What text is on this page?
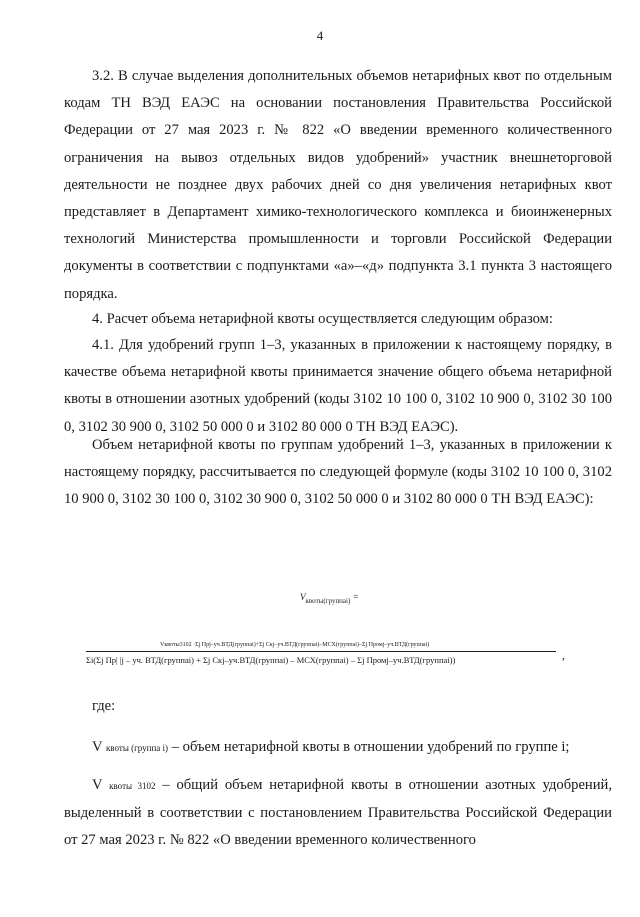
4

3.2. В случае выделения дополнительных объемов нетарифных квот по отдельным кодам ТН ВЭД ЕАЭС на основании постановления Правительства Российской Федерации от 27 мая 2023 г. № 822 «О введении временного количественного ограничения на вывоз отдельных видов удобрений» участник внешнеторговой деятельности не позднее двух рабочих дней со дня увеличения нетарифных квот представляет в Департамент химико-технологического комплекса и биоинженерных технологий Министерства промышленности и торговли Российской Федерации документы в соответствии с подпунктами «а»–«д» подпункта 3.1 пункта 3 настоящего порядка.

4. Расчет объема нетарифной квоты осуществляется следующим образом:

4.1. Для удобрений групп 1–3, указанных в приложении к настоящему порядку, в качестве объема нетарифной квоты принимается значение общего объема нетарифной квоты в отношении азотных удобрений (коды 3102 10 100 0, 3102 10 900 0, 3102 30 100 0, 3102 30 900 0, 3102 50 000 0 и 3102 80 000 0 ТН ВЭД ЕАЭС).

Объем нетарифной квоты по группам удобрений 1–3, указанных в приложении к настоящему порядку, рассчитывается по следующей формуле (коды 3102 10 100 0, 3102 10 900 0, 3102 30 100 0, 3102 30 900 0, 3102 50 000 0 и 3102 80 000 0 ТН ВЭД ЕАЭС):

$V_{квоты(группаi)}$ =
Vквоты3102 ·Σj Прj–уч.ВТД(группаi)+Σj Скj–уч.ВТД(группаi)–МСХ(группаi)–Σj Промj–уч.ВТД(группаi)
Σi(Σj Пр| |j – уч. ВТД(группаi) + Σj Скj–уч.ВТД(группаi) – МСХ(группаi) – Σj Промj–уч.ВТД(группаi))	,
где:

V квоты (группа i) – объем нетарифной квоты в отношении удобрений по группе i;

V квоты 3102 – общий объем нетарифной квоты в отношении азотных удобрений, выделенный в соответствии с постановлением Правительства Российской Федерации от 27 мая 2023 г. № 822 «О введении временного количественного
